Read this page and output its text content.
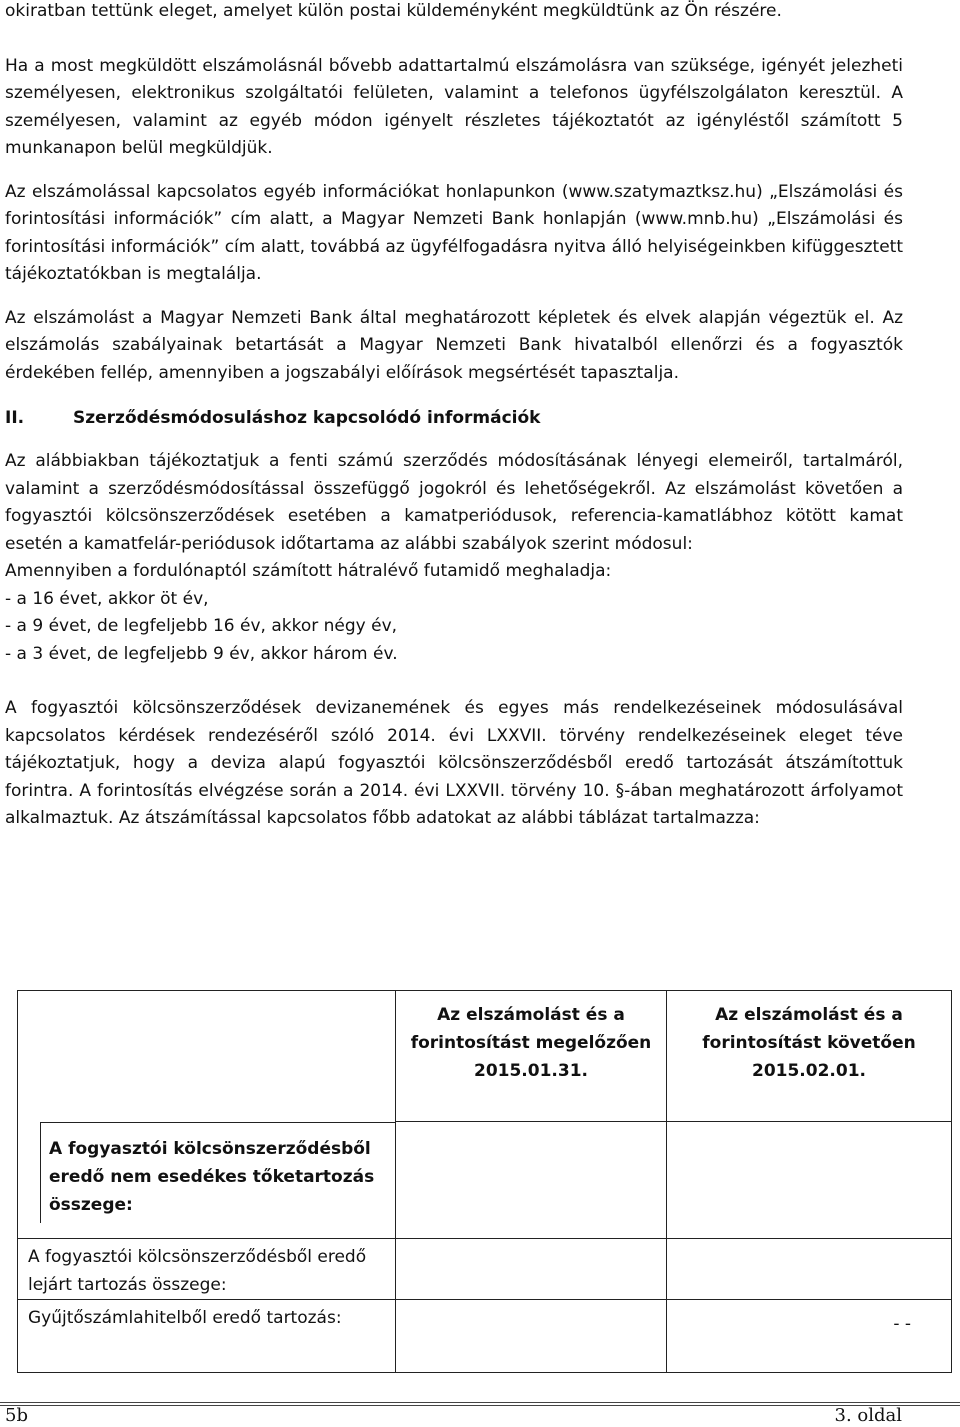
okiratban tettünk eleget, amelyet külön postai küldeményként megküldtünk az Ön részére.

Ha a most megküldött elszámolásnál bővebb adattartalmú elszámolásra van szüksége, igényét jelezheti személyesen, elektronikus szolgáltatói felületen, valamint a telefonos ügyfélszolgálaton keresztül. A személyesen, valamint az egyéb módon igényelt részletes tájékoztatót az igényléstől számított 5 munkanapon belül megküldjük.

Az elszámolással kapcsolatos egyéb információkat honlapunkon (www.szatymaztksz.hu) „Elszámolási és forintosítási információk” cím alatt, a Magyar Nemzeti Bank honlapján (www.mnb.hu) „Elszámolási és forintosítási információk” cím alatt, továbbá az ügyfélfogadásra nyitva álló helyiségeinkben kifüggesztett tájékoztatókban is megtalálja.

Az elszámolást a Magyar Nemzeti Bank által meghatározott képletek és elvek alapján végeztük el. Az elszámolás szabályainak betartását a Magyar Nemzeti Bank hivatalból ellenőrzi és a fogyasztók érdekében fellép, amennyiben a jogszabályi előírások megsértését tapasztalja.

II.	Szerződésmódosuláshoz kapcsolódó információk

Az alábbiakban tájékoztatjuk a fenti számú szerződés módosításának lényegi elemeiről, tartalmáról, valamint a szerződésmódosítással összefüggő jogokról és lehetőségekről. Az elszámolást követően a fogyasztói kölcsönszerződések esetében a kamatperiódusok, referencia-kamatlábhoz kötött kamat esetén a kamatfelár-periódusok időtartama az alábbi szabályok szerint módosul:

Amennyiben a fordulónaptól számított hátralévő futamidő meghaladja:

- a 16 évet, akkor öt év,

- a 9 évet, de legfeljebb 16 év, akkor négy év,

- a 3 évet, de legfeljebb 9 év, akkor három év.

A fogyasztói kölcsönszerződések devizanemének és egyes más rendelkezéseinek módosulásával kapcsolatos kérdések rendezéséről szóló 2014. évi LXXVII. törvény rendelkezéseinek eleget téve tájékoztatjuk, hogy a deviza alapú fogyasztói kölcsönszerződésből eredő tartozását átszámítottuk forintra. A forintosítás elvégzése során a 2014. évi LXXVII. törvény 10. §-ában meghatározott árfolyamot alkalmaztuk. Az átszámítással kapcsolatos főbb adatokat az alábbi táblázat tartalmazza:

	Az elszámolást és a forintosítást megelőzően 2015.01.31.	Az elszámolást és a forintosítást követően 2015.02.01.

A fogyasztói kölcsönszerződésből eredő nem esedékes tőketartozás összege:		

A fogyasztói kölcsönszerződésből eredő lejárt tartozás összege:		

Gyűjtőszámlahitelből eredő tartozás:		- -
5b	3. oldal
